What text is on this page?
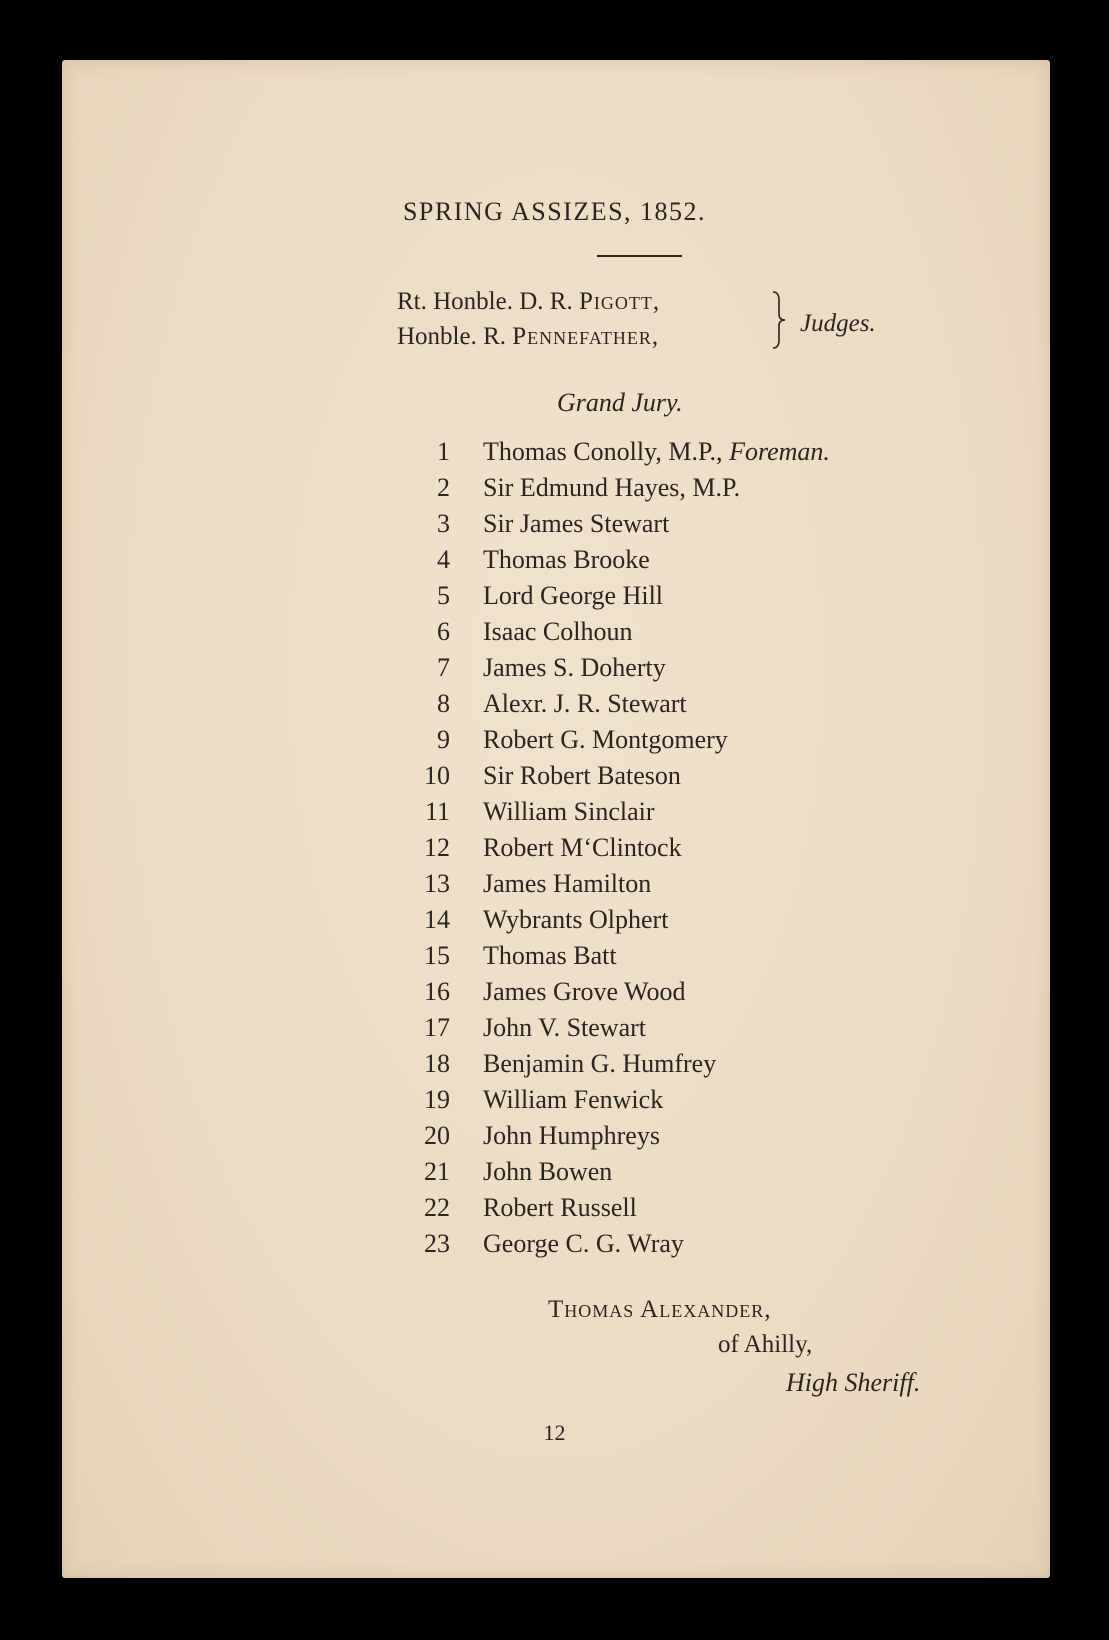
SPRING ASSIZES, 1852.
Rt. Honble. D. R. Pigott,
Honble. R. Pennefather,	Judges.
Grand Jury.
1 Thomas Conolly, M.P., Foreman.
2 Sir Edmund Hayes, M.P.
3 Sir James Stewart
4 Thomas Brooke
5 Lord George Hill
6 Isaac Colhoun
7 James S. Doherty
8 Alexr. J. R. Stewart
9 Robert G. Montgomery
10 Sir Robert Bateson
11 William Sinclair
12 Robert M‘Clintock
13 James Hamilton
14 Wybrants Olphert
15 Thomas Batt
16 James Grove Wood
17 John V. Stewart
18 Benjamin G. Humfrey
19 William Fenwick
20 John Humphreys
21 John Bowen
22 Robert Russell
23 George C. G. Wray
Thomas Alexander,
of Ahilly,
High Sheriff.
12
